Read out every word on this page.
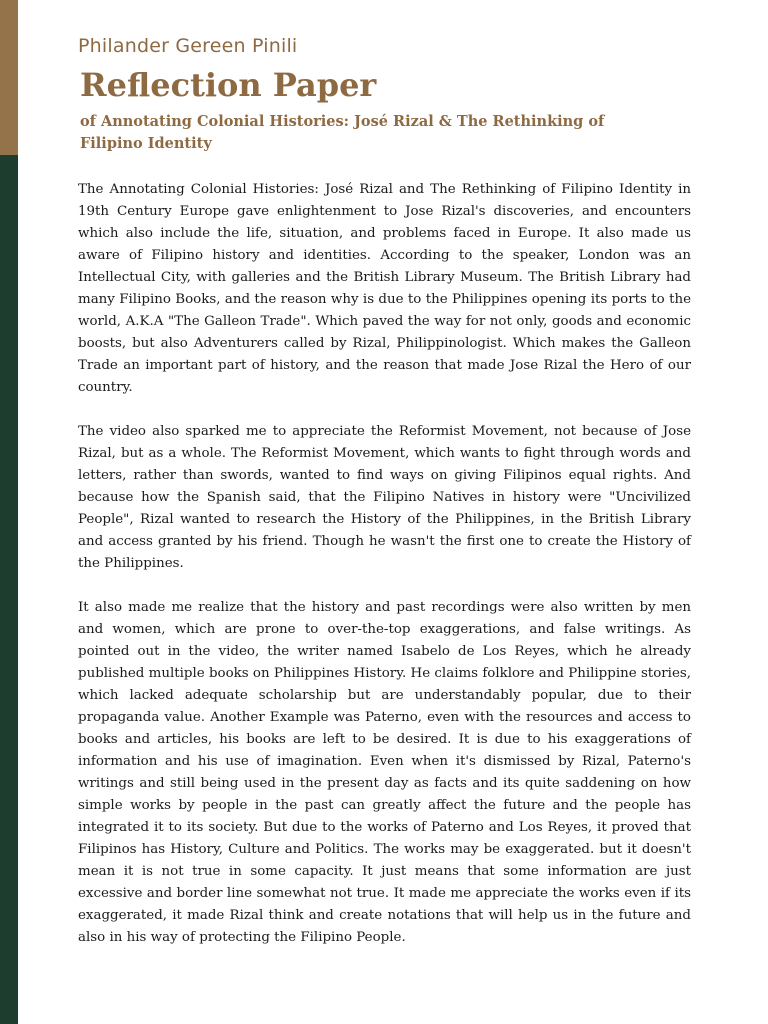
Philander Gereen Pinili
Reflection Paper
of Annotating Colonial Histories: José Rizal & The Rethinking of Filipino Identity

The Annotating Colonial Histories: José Rizal and The Rethinking of Filipino Identity in 19th Century Europe gave enlightenment to Jose Rizal's discoveries, and encounters which also include the life, situation, and problems faced in Europe. It also made us aware of Filipino history and identities. According to the speaker, London was an Intellectual City, with galleries and the British Library Museum. The British Library had many Filipino Books, and the reason why is due to the Philippines opening its ports to the world, A.K.A "The Galleon Trade". Which paved the way for not only, goods and economic boosts, but also Adventurers called by Rizal, Philippinologist. Which makes the Galleon Trade an important part of history, and the reason that made Jose Rizal the Hero of our country.

The video also sparked me to appreciate the Reformist Movement, not because of Jose Rizal, but as a whole. The Reformist Movement, which wants to fight through words and letters, rather than swords, wanted to find ways on giving Filipinos equal rights. And because how the Spanish said, that the Filipino Natives in history were "Uncivilized People", Rizal wanted to research the History of the Philippines, in the British Library and access granted by his friend. Though he wasn't the first one to create the History of the Philippines.

It also made me realize that the history and past recordings were also written by men and women, which are prone to over-the-top exaggerations, and false writings. As pointed out in the video, the writer named Isabelo de Los Reyes, which he already published multiple books on Philippines History. He claims folklore and Philippine stories, which lacked adequate scholarship but are understandably popular, due to their propaganda value. Another Example was Paterno, even with the resources and access to books and articles, his books are left to be desired. It is due to his exaggerations of information and his use of imagination. Even when it's dismissed by Rizal, Paterno's writings and still being used in the present day as facts and its quite saddening on how simple works by people in the past can greatly affect the future and the people has integrated it to its society. But due to the works of Paterno and Los Reyes, it proved that Filipinos has History, Culture and Politics. The works may be exaggerated. but it doesn't mean it is not true in some capacity. It just means that some information are just excessive and border line somewhat not true. It made me appreciate the works even if its exaggerated, it made Rizal think and create notations that will help us in the future and also in his way of protecting the Filipino People.
